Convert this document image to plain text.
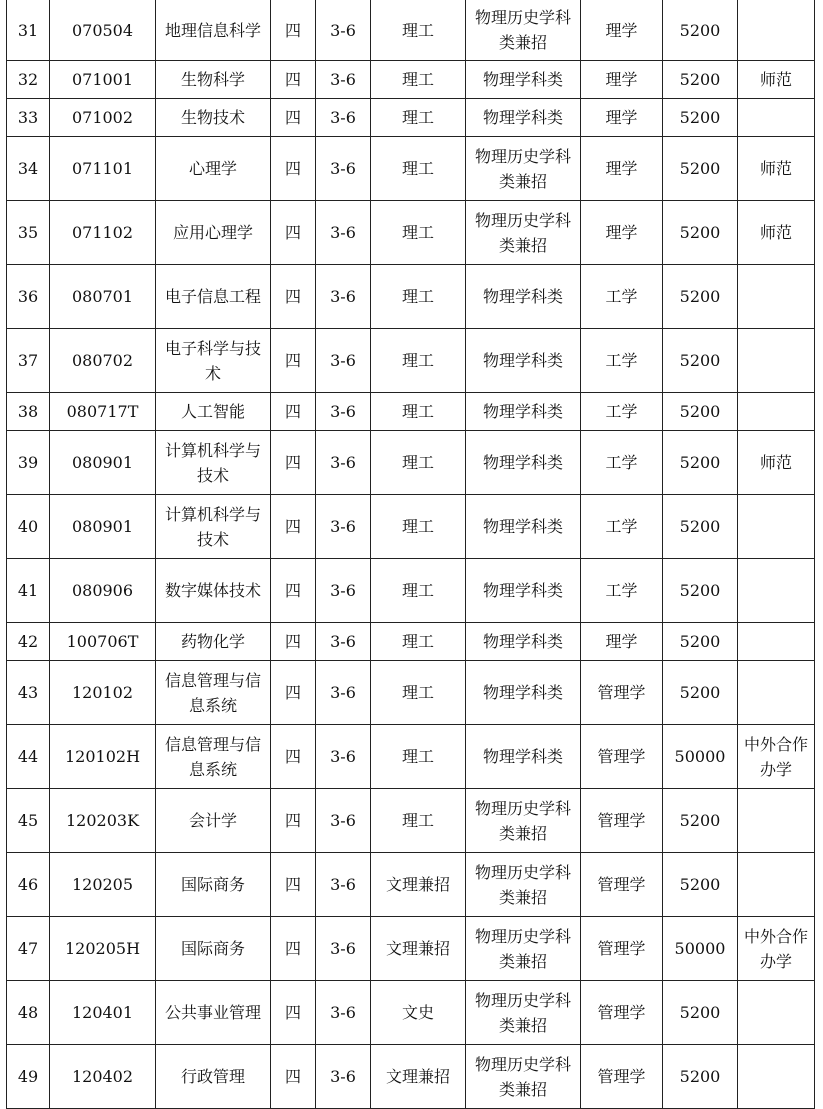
31	070504	地理信息科学	四	3-6	理工	物理历史学科类兼招	理学	5200	
32	071001	生物科学	四	3-6	理工	物理学科类	理学	5200	师范
33	071002	生物技术	四	3-6	理工	物理学科类	理学	5200	
34	071101	心理学	四	3-6	理工	物理历史学科类兼招	理学	5200	师范
35	071102	应用心理学	四	3-6	理工	物理历史学科类兼招	理学	5200	师范
36	080701	电子信息工程	四	3-6	理工	物理学科类	工学	5200	
37	080702	电子科学与技术	四	3-6	理工	物理学科类	工学	5200	
38	080717T	人工智能	四	3-6	理工	物理学科类	工学	5200	
39	080901	计算机科学与技术	四	3-6	理工	物理学科类	工学	5200	师范
40	080901	计算机科学与技术	四	3-6	理工	物理学科类	工学	5200	
41	080906	数字媒体技术	四	3-6	理工	物理学科类	工学	5200	
42	100706T	药物化学	四	3-6	理工	物理学科类	理学	5200	
43	120102	信息管理与信息系统	四	3-6	理工	物理学科类	管理学	5200	
44	120102H	信息管理与信息系统	四	3-6	理工	物理学科类	管理学	50000	中外合作办学
45	120203K	会计学	四	3-6	理工	物理历史学科类兼招	管理学	5200	
46	120205	国际商务	四	3-6	文理兼招	物理历史学科类兼招	管理学	5200	
47	120205H	国际商务	四	3-6	文理兼招	物理历史学科类兼招	管理学	50000	中外合作办学
48	120401	公共事业管理	四	3-6	文史	物理历史学科类兼招	管理学	5200	
49	120402	行政管理	四	3-6	文理兼招	物理历史学科类兼招	管理学	5200	
